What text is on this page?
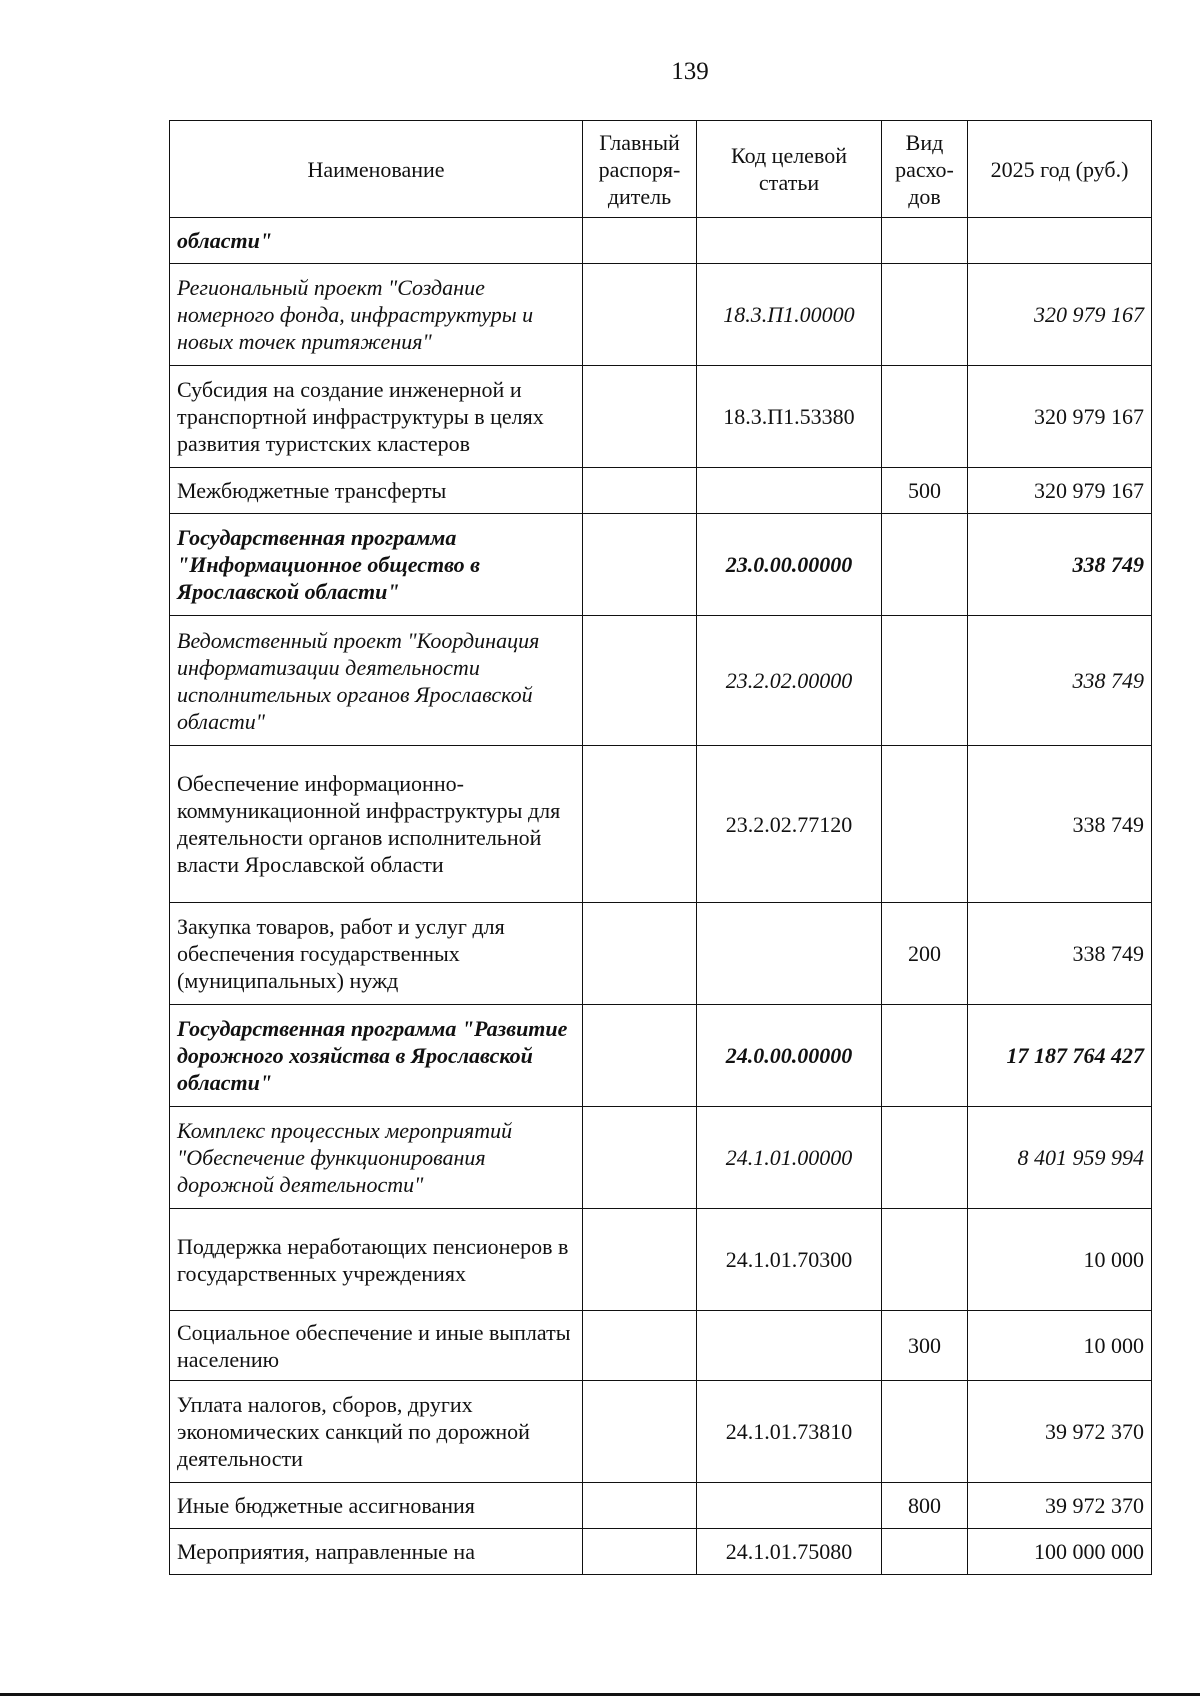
139
Наименование	Главный распоря-дитель	Код целевой статьи	Вид расхо-дов	2025 год (руб.)
области"				
Региональный проект "Создание номерного фонда, инфраструктуры и новых точек притяжения"		18.3.П1.00000		320 979 167
Субсидия на создание инженерной и транспортной инфраструктуры в целях развития туристских кластеров		18.3.П1.53380		320 979 167
Межбюджетные трансферты			500	320 979 167
Государственная программа "Информационное общество в Ярославской области"		23.0.00.00000		338 749
Ведомственный проект "Координация информатизации деятельности исполнительных органов Ярославской области"		23.2.02.00000		338 749
Обеспечение информационно-коммуникационной инфраструктуры для деятельности органов исполнительной власти Ярославской области		23.2.02.77120		338 749
Закупка товаров, работ и услуг для обеспечения государственных (муниципальных) нужд			200	338 749
Государственная программа "Развитие дорожного хозяйства в Ярославской области"		24.0.00.00000		17 187 764 427
Комплекс процессных мероприятий "Обеспечение функционирования дорожной деятельности"		24.1.01.00000		8 401 959 994
Поддержка неработающих пенсионеров в государственных учреждениях		24.1.01.70300		10 000
Социальное обеспечение и иные выплаты населению			300	10 000
Уплата налогов, сборов, других экономических санкций по дорожной деятельности		24.1.01.73810		39 972 370
Иные бюджетные ассигнования			800	39 972 370
Мероприятия, направленные на		24.1.01.75080		100 000 000
